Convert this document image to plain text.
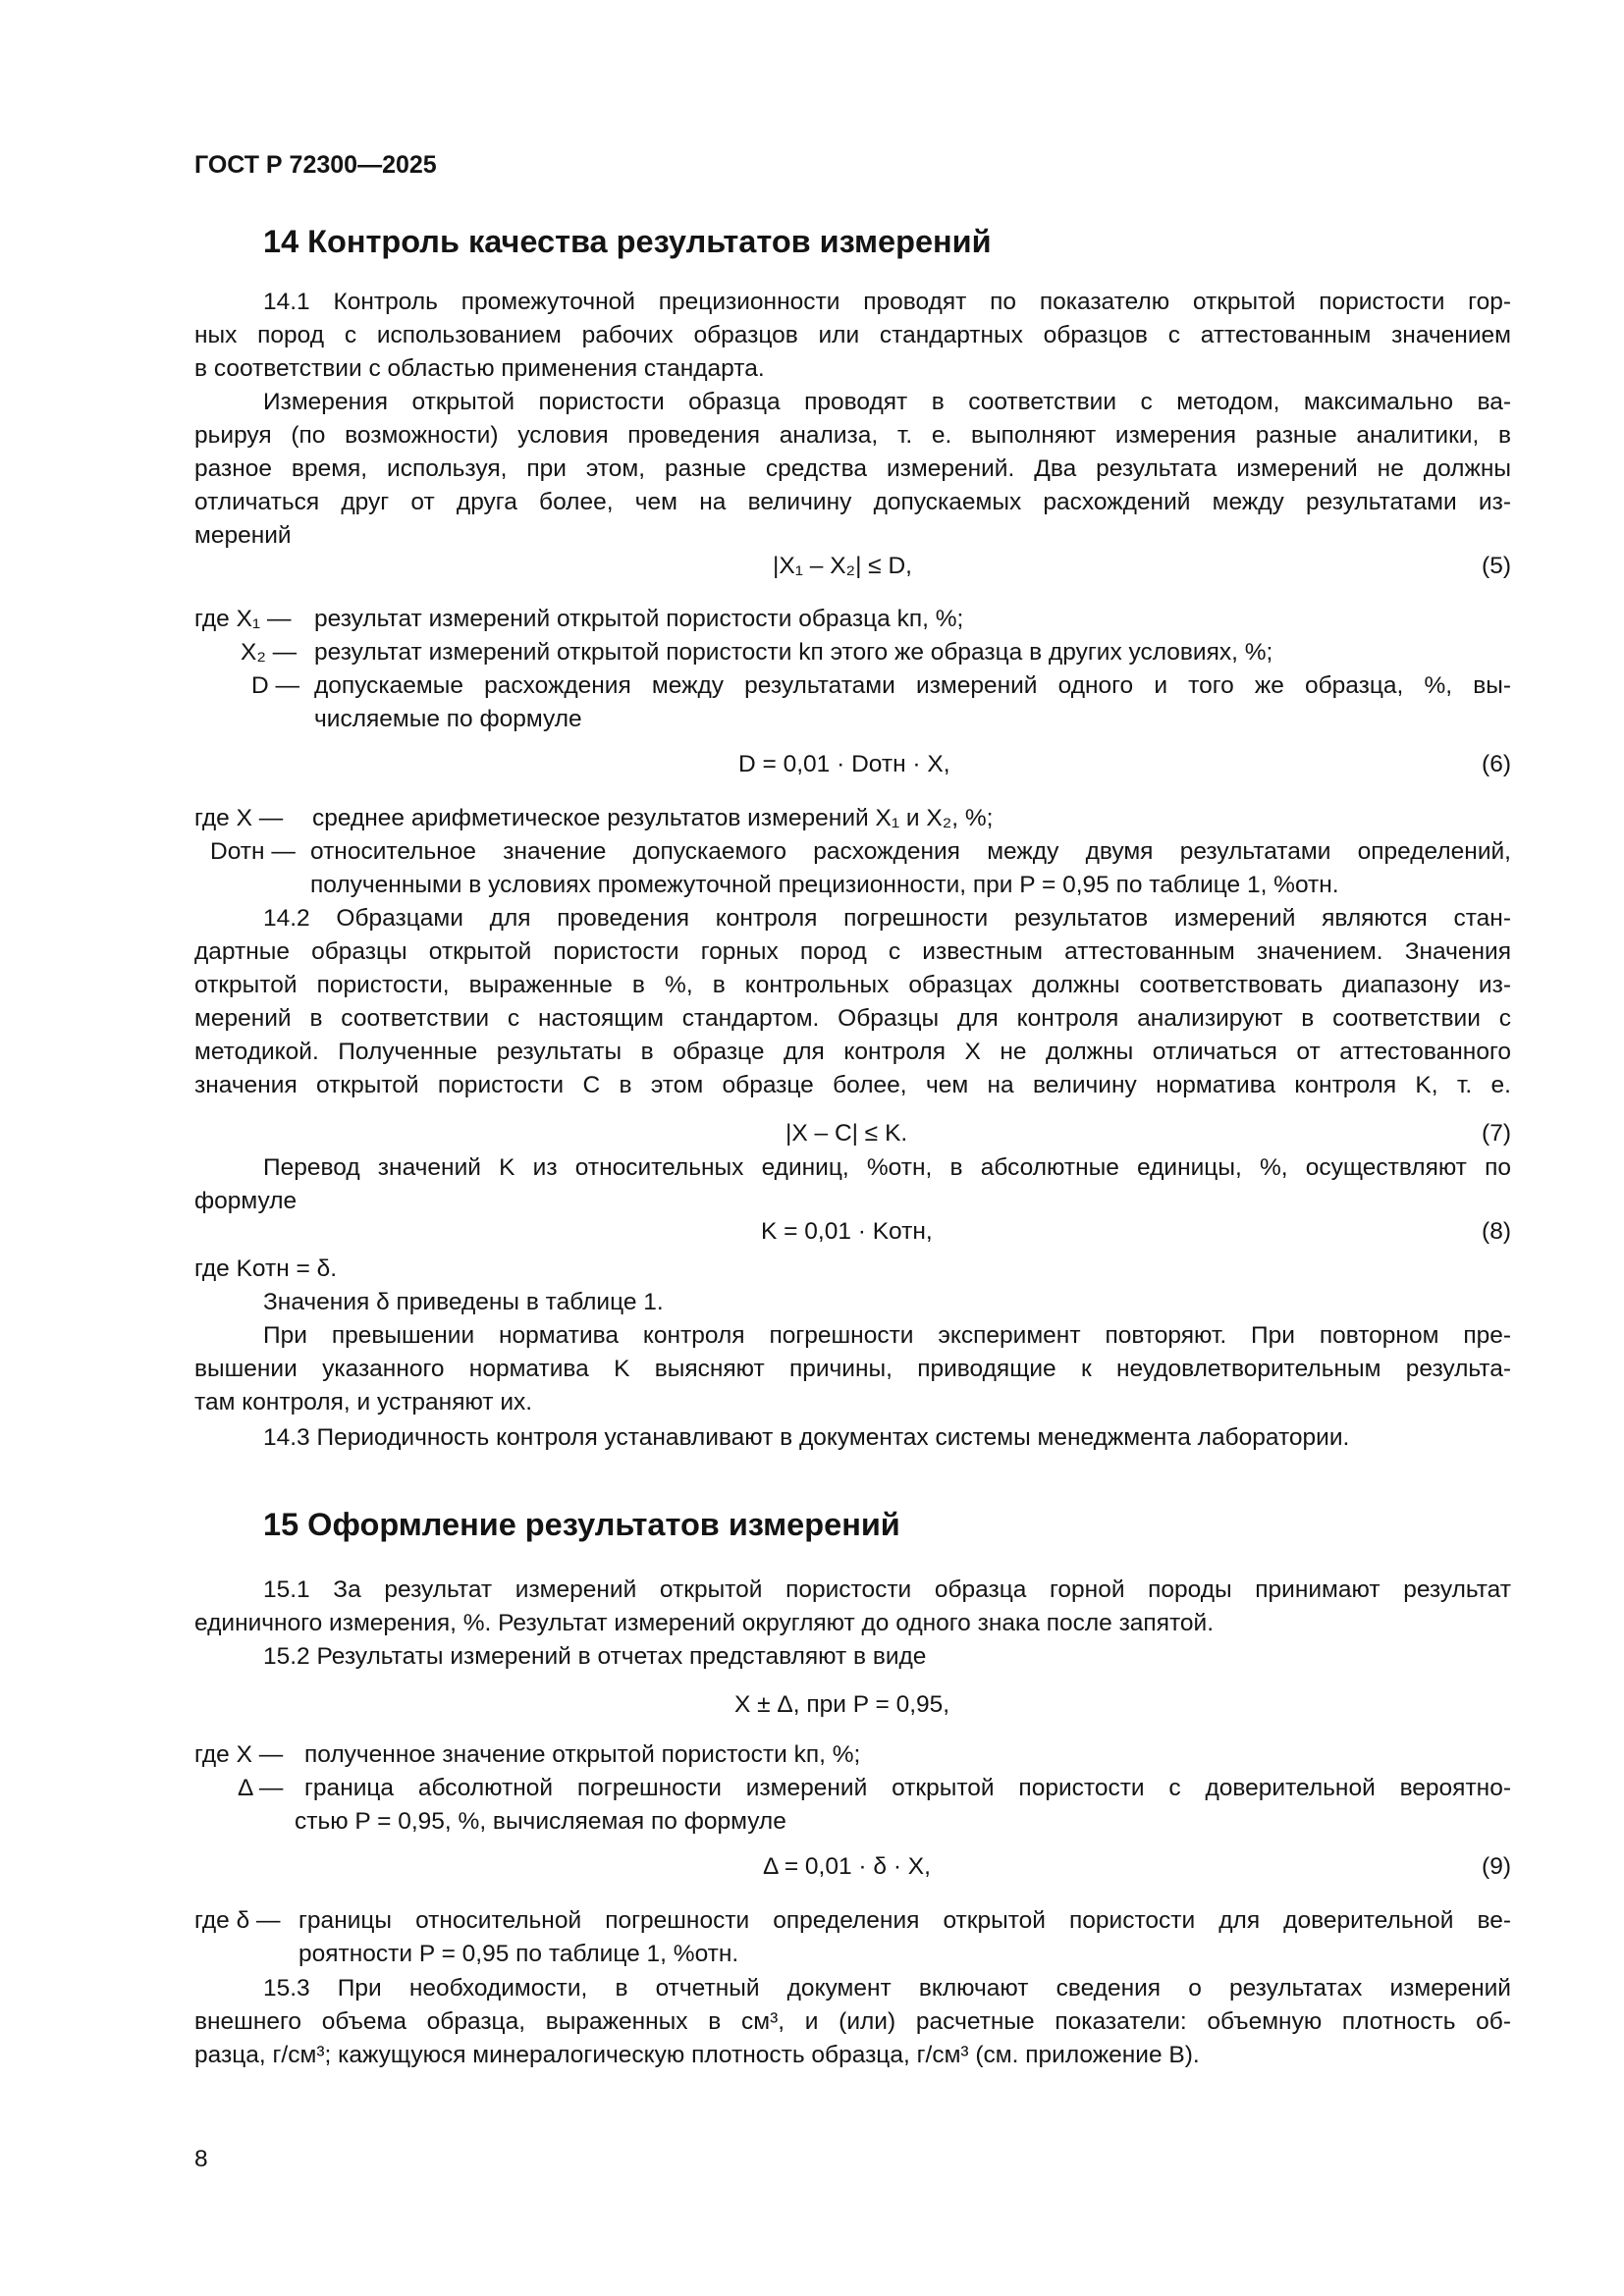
ГОСТ Р 72300—2025
14 Контроль качества результатов измерений
14.1 Контроль промежуточной прецизионности проводят по показателю открытой пористости гор-
ных пород с использованием рабочих образцов или стандартных образцов с аттестованным значением
в соответствии с областью применения стандарта.
Измерения открытой пористости образца проводят в соответствии с методом, максимально ва-
рьируя (по возможности) условия проведения анализа, т. е. выполняют измерения разные аналитики, в
разное время, используя, при этом, разные средства измерений. Два результата измерений не должны
отличаться друг от друга более, чем на величину допускаемых расхождений между результатами из-
мерений
|X₁ – X₂| ≤ D,	(5)
где X₁ — результат измерений открытой пористости образца kп, %;
X₂ — результат измерений открытой пористости kп этого же образца в других условиях, %;
D — допускаемые расхождения между результатами измерений одного и того же образца, %, вы-
числяемые по формуле
D = 0,01 · Dотн · X,	(6)
где X — среднее арифметическое результатов измерений X₁ и X₂, %;
Dотн — относительное значение допускаемого расхождения между двумя результатами определений,
полученными в условиях промежуточной прецизионности, при P = 0,95 по таблице 1, %отн.
14.2 Образцами для проведения контроля погрешности результатов измерений являются стан-
дартные образцы открытой пористости горных пород с известным аттестованным значением. Значения
открытой пористости, выраженные в %, в контрольных образцах должны соответствовать диапазону из-
мерений в соответствии с настоящим стандартом. Образцы для контроля анализируют в соответствии с
методикой. Полученные результаты в образце для контроля X не должны отличаться от аттестованного
значения открытой пористости C в этом образце более, чем на величину норматива контроля K, т. е.
|X – C| ≤ K.	(7)
Перевод значений K из относительных единиц, %отн, в абсолютные единицы, %, осуществляют по
формуле
K = 0,01 · Kотн,	(8)
где Kотн = δ.
Значения δ приведены в таблице 1.
При превышении норматива контроля погрешности эксперимент повторяют. При повторном пре-
вышении указанного норматива K выясняют причины, приводящие к неудовлетворительным результа-
там контроля, и устраняют их.
14.3 Периодичность контроля устанавливают в документах системы менеджмента лаборатории.
15 Оформление результатов измерений
15.1 За результат измерений открытой пористости образца горной породы принимают результат
единичного измерения, %. Результат измерений округляют до одного знака после запятой.
15.2 Результаты измерений в отчетах представляют в виде
X ± Δ, при P = 0,95,
где X — полученное значение открытой пористости kп, %;
Δ — граница абсолютной погрешности измерений открытой пористости с доверительной вероятно-
стью P = 0,95, %, вычисляемая по формуле
Δ = 0,01 · δ · X,	(9)
где δ — границы относительной погрешности определения открытой пористости для доверительной ве-
роятности P = 0,95 по таблице 1, %отн.
15.3 При необходимости, в отчетный документ включают сведения о результатах измерений
внешнего объема образца, выраженных в см³, и (или) расчетные показатели: объемную плотность об-
разца, г/см³; кажущуюся минералогическую плотность образца, г/см³ (см. приложение В).
8
